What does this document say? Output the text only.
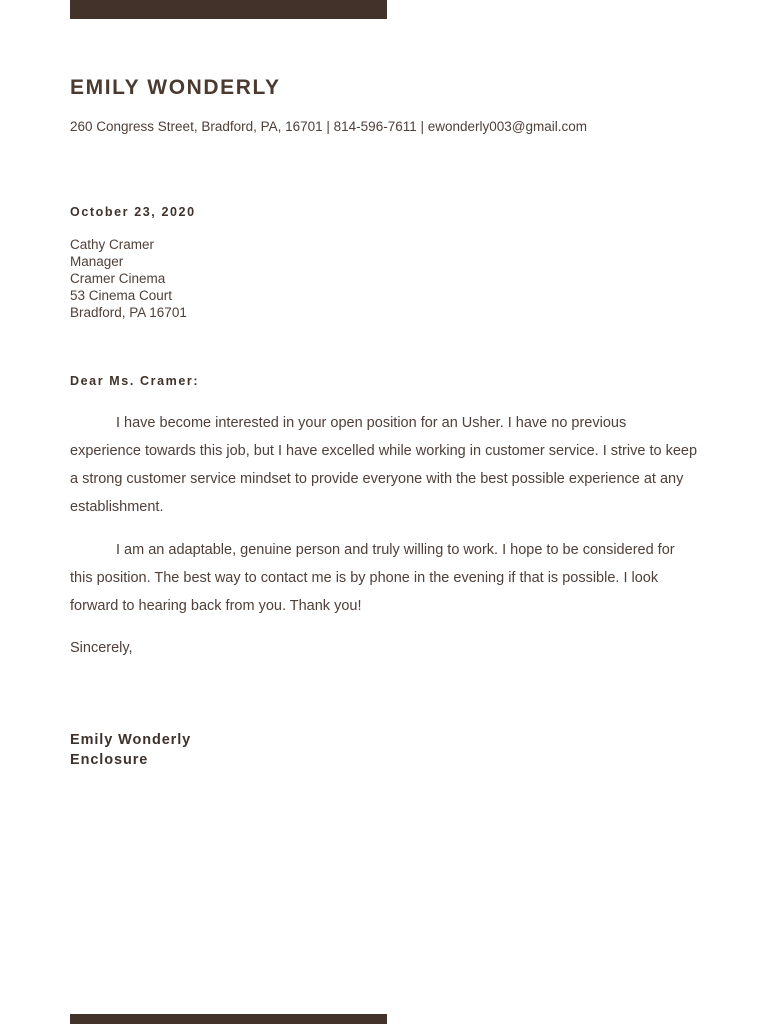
EMILY WONDERLY
260 Congress Street, Bradford, PA, 16701 | 814-596-7611 | ewonderly003@gmail.com
October 23, 2020
Cathy Cramer
Manager
Cramer Cinema
53 Cinema Court
Bradford, PA 16701
Dear Ms. Cramer:

I have become interested in your open position for an Usher. I have no previous experience towards this job, but I have excelled while working in customer service. I strive to keep a strong customer service mindset to provide everyone with the best possible experience at any establishment.

I am an adaptable, genuine person and truly willing to work. I hope to be considered for this position. The best way to contact me is by phone in the evening if that is possible. I look forward to hearing back from you. Thank you!

Sincerely,
Emily Wonderly
Enclosure
